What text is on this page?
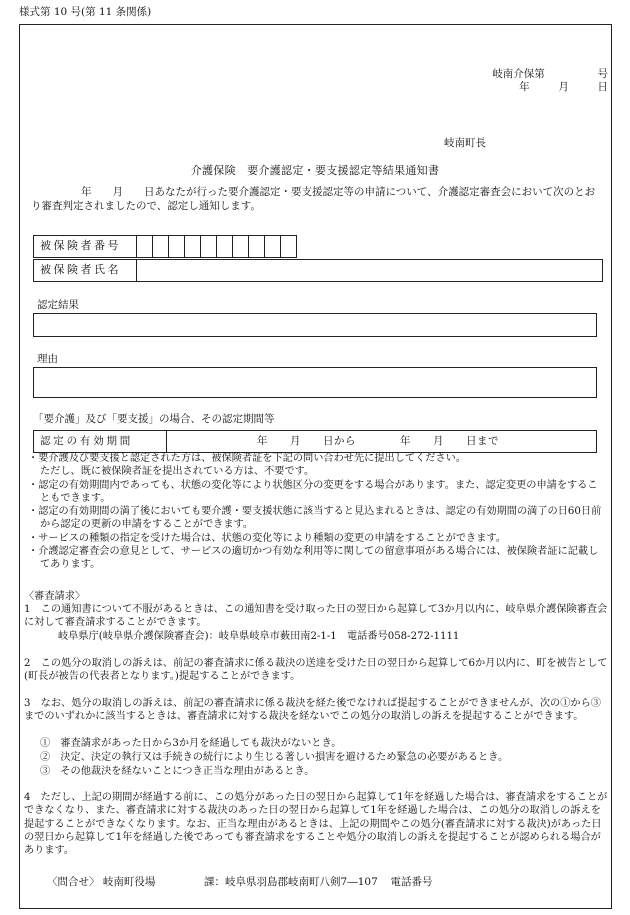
様式第 10 号(第 11 条関係)
岐南介保第	号
年	月	日
岐南町長
介護保険　要介護認定・要支援認定等結果通知書
年　　月　　日あなたが行った要介護認定・要支援認定等の申請について、介護認定審査会において次のとおり審査判定されましたので、認定し通知します。
被保険者番号											
被保険者氏名	
認定結果
理由
「要介護」及び「要支援」の場合、その認定期間等
認定の有効期間	年　　月　　日から　　　　年　　月　　日まで
・ 要介護及び要支援と認定された方は、被保険者証を下記の問い合わせ先に提出してください。
ただし、既に被保険者証を提出されている方は、不要です。
・ 認定の有効期間内であっても、状態の変化等により状態区分の変更をする場合があります。また、認定変更の申請をすることもできます。
・ 認定の有効期間の満了後においても要介護・要支援状態に該当すると見込まれるときは、認定の有効期間の満了の日60日前から認定の更新の申請をすることができます。
・ サービスの種類の指定を受けた場合は、状態の変化等により種類の変更の申請をすることができます。
・ 介護認定審査会の意見として、サービスの適切かつ有効な利用等に関しての留意事項がある場合には、被保険者証に記載してあります。
〈審査請求〉
1　この通知書について不服があるときは、この通知書を受け取った日の翌日から起算して3か月以内に、岐阜県介護保険審査会に対して審査請求することができます。
岐阜県庁(岐阜県介護保険審査会)：岐阜県岐阜市薮田南2-1-1　電話番号058-272-1111
2　この処分の取消しの訴えは、前記の審査請求に係る裁決の送達を受けた日の翌日から起算して6か月以内に、町を被告として(町長が被告の代表者となります。)提起することができます。
3　なお、処分の取消しの訴えは、前記の審査請求に係る裁決を経た後でなければ提起することができませんが、次の①から③までのいずれかに該当するときは、審査請求に対する裁決を経ないでこの処分の取消しの訴えを提起することができます。
①　審査請求があった日から3か月を経過しても裁決がないとき。
②　決定、決定の執行又は手続きの続行により生じる著しい損害を避けるため緊急の必要があるとき。
③　その他裁決を経ないことにつき正当な理由があるとき。
4　ただし、上記の期間が経過する前に、この処分があった日の翌日から起算して1年を経過した場合は、審査請求をすることができなくなり、また、審査請求に対する裁決のあった日の翌日から起算して1年を経過した場合は、この処分の取消しの訴えを提起することができなくなります。なお、正当な理由があるときは、上記の期間やこの処分(審査請求に対する裁決)があった日の翌日から起算して1年を経過した後であっても審査請求をすることや処分の取消しの訴えを提起することが認められる場合があります。
〈問合せ〉 岐南町役場	課：岐阜県羽島郡岐南町八剣7―107 電話番号
